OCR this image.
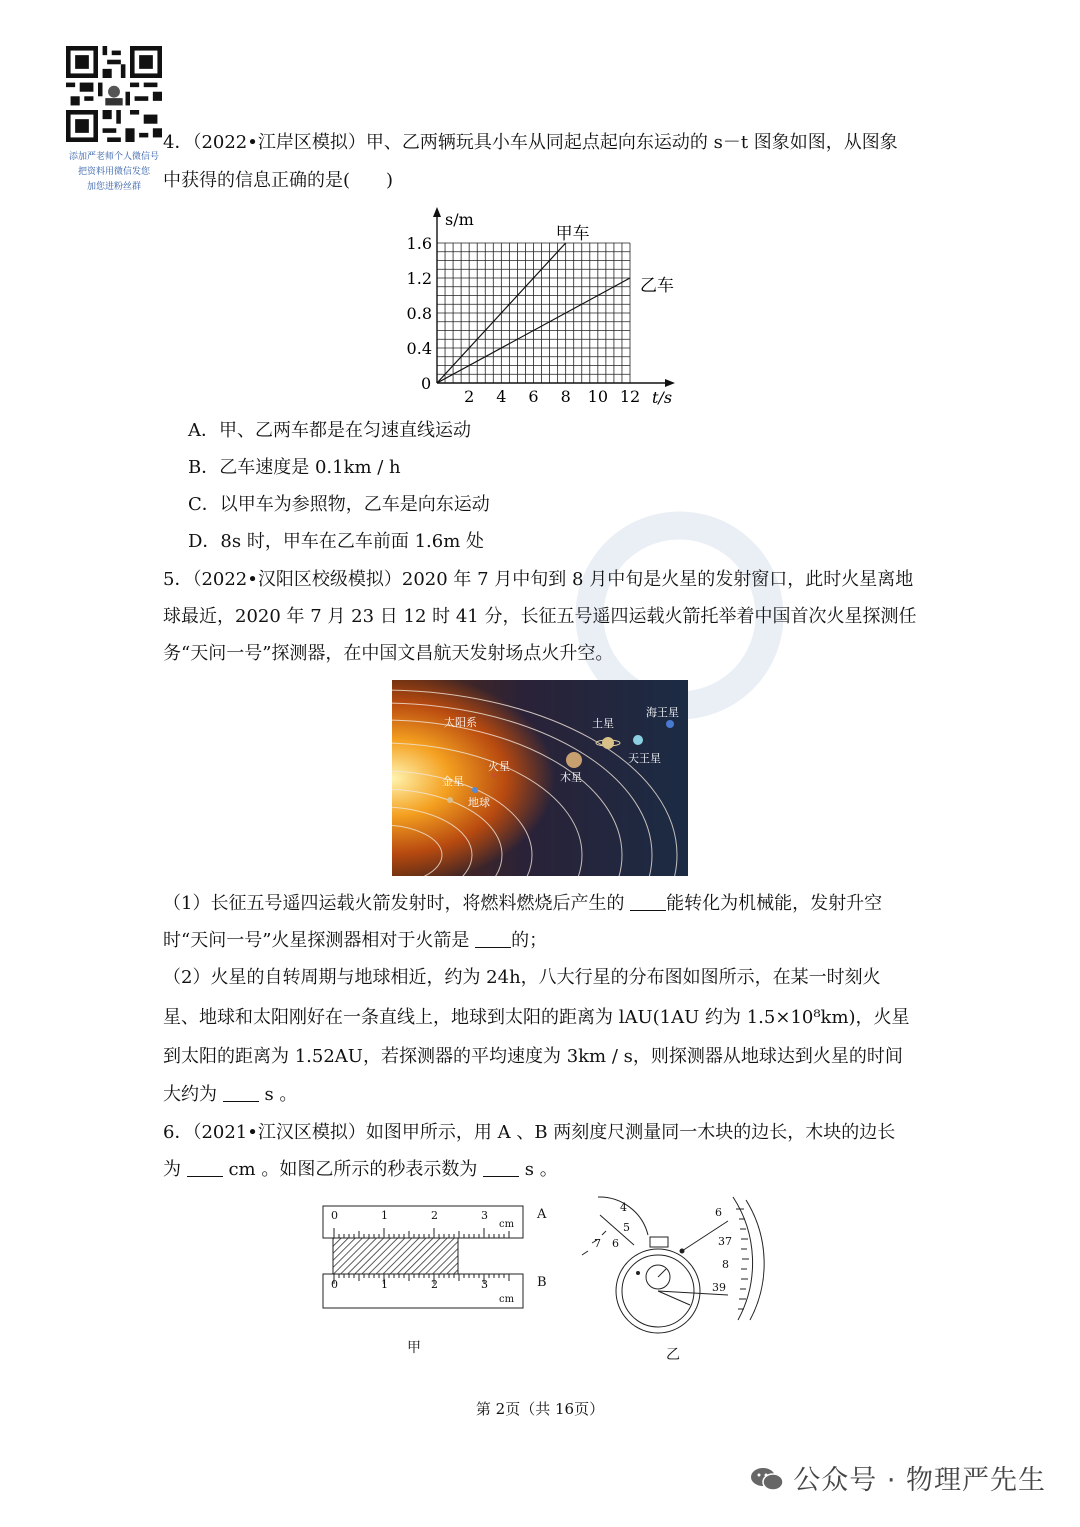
添加严老师个人微信号
把资料用微信发您
加您进粉丝群
4．（2022•江岸区模拟）甲、乙两辆玩具小车从同起点起向东运动的 s－t 图象如图，从图象
中获得的信息正确的是(　　)
s/m
t/s
0
2 4 6 8 10 12
0.4
0.8
1.2
1.6	甲车
乙车
A．甲、乙两车都是在匀速直线运动
B．乙车速度是 0.1km / h
C．以甲车为参照物，乙车是向东运动
D．8s 时，甲车在乙车前面 1.6m 处
5．（2022•汉阳区校级模拟）2020 年 7 月中旬到 8 月中旬是火星的发射窗口，此时火星离地
球最近，2020 年 7 月 23 日 12 时 41 分，长征五号遥四运载火箭托举着中国首次火星探测任
务“天问一号”探测器，在中国文昌航天发射场点火升空。
太阳系
金星
火星
地球
木星
土星
天王星
海王星
（1）长征五号遥四运载火箭发射时，将燃料燃烧后产生的 能转化为机械能，发射升空
时“天问一号”火星探测器相对于火箭是 的；
（2）火星的自转周期与地球相近，约为 24h，八大行星的分布图如图所示，在某一时刻火
星、地球和太阳刚好在一条直线上，地球到太阳的距离为 lAU(1AU 约为 1.5×10⁸km)，火星
到太阳的距离为 1.52AU，若探测器的平均速度为 3km / s，则探测器从地球达到火星的时间
大约为  s 。
6．（2021•江汉区模拟）如图甲所示，用 A 、B 两刻度尺测量同一木块的边长，木块的边长
为  cm 。如图乙所示的秒表示数为  s 。
0	1	2	3
cm
0	1	2	3
cm
A
B
甲
4
5
6
7
6
37
8
39
乙
第 2页（共 16页）
公众号 · 物理严先生
